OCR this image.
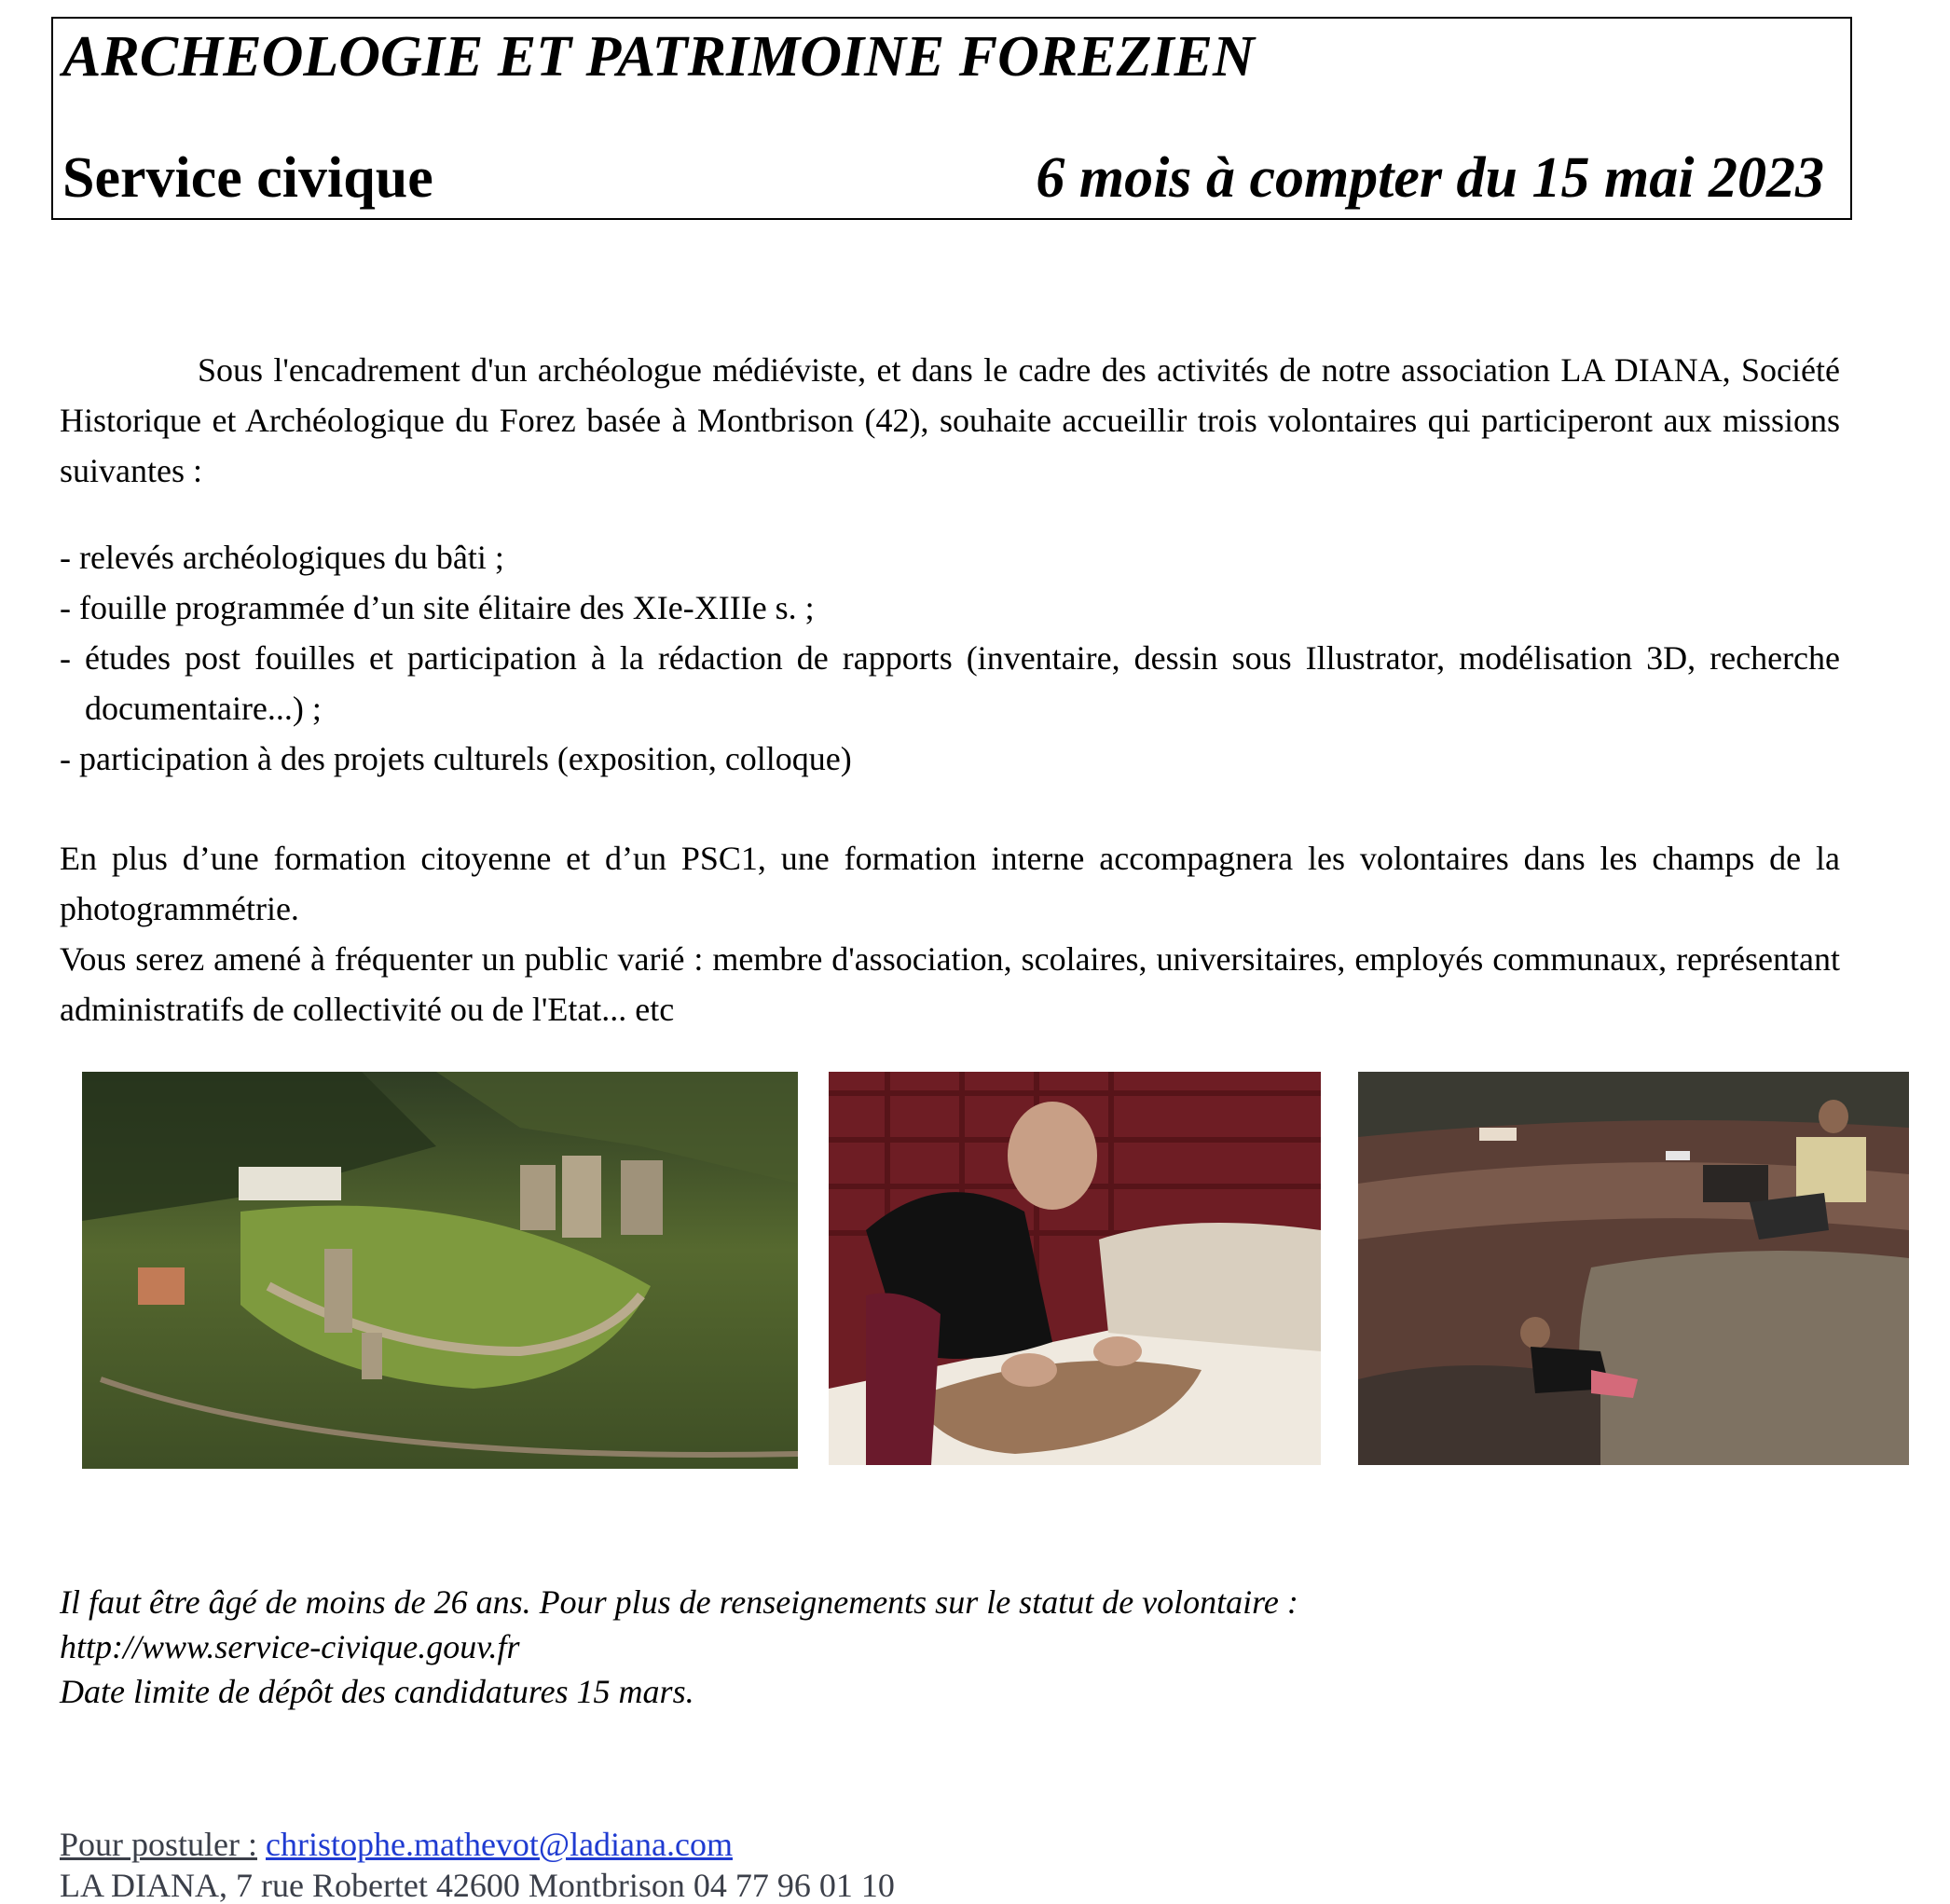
ARCHEOLOGIE ET PATRIMOINE FOREZIEN
Service civique	6 mois à compter du 15 mai 2023

Sous l'encadrement d'un archéologue médiéviste, et dans le cadre des activités de notre association LA DIANA, Société Historique et Archéologique du Forez basée à Montbrison (42), souhaite accueillir trois volontaires qui participeront aux missions suivantes :

- relevés archéologiques du bâti ;
- fouille programmée d’un site élitaire des XIe-XIIIe s. ;
- études post fouilles et participation à la rédaction de rapports (inventaire, dessin sous Illustrator, modélisation 3D, recherche documentaire...) ;
- participation à des projets culturels (exposition, colloque)

En plus d’une formation citoyenne et d’un PSC1, une formation interne accompagnera les volontaires dans les champs de la photogrammétrie.

Vous serez amené à fréquenter un public varié : membre d'association, scolaires, universitaires, employés communaux, représentant administratifs de collectivité ou de l'Etat... etc

Il faut être âgé de moins de 26 ans. Pour plus de renseignements sur le statut de volontaire :
http://www.service-civique.gouv.fr
Date limite de dépôt des candidatures 15 mars.
Pour postuler : christophe.mathevot@ladiana.com
LA DIANA, 7 rue Robertet 42600 Montbrison 04 77 96 01 10
